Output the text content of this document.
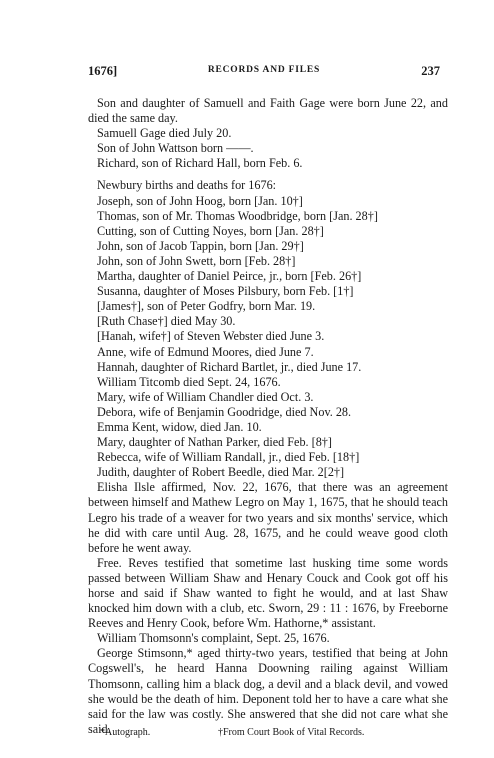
1676]	RECORDS AND FILES	237

Son and daughter of Samuell and Faith Gage were born June 22, and died the same day.

Samuell Gage died July 20.

Son of John Wattson born ——.

Richard, son of Richard Hall, born Feb. 6.

Newbury births and deaths for 1676:

Joseph, son of John Hoog, born [Jan. 10†]

Thomas, son of Mr. Thomas Woodbridge, born [Jan. 28†]

Cutting, son of Cutting Noyes, born [Jan. 28†]

John, son of Jacob Tappin, born [Jan. 29†]

John, son of John Swett, born [Feb. 28†]

Martha, daughter of Daniel Peirce, jr., born [Feb. 26†]

Susanna, daughter of Moses Pilsbury, born Feb. [1†]

[James†], son of Peter Godfry, born Mar. 19.

[Ruth Chase†] died May 30.

[Hanah, wife†] of Steven Webster died June 3.

Anne, wife of Edmund Moores, died June 7.

Hannah, daughter of Richard Bartlet, jr., died June 17.

William Titcomb died Sept. 24, 1676.

Mary, wife of William Chandler died Oct. 3.

Debora, wife of Benjamin Goodridge, died Nov. 28.

Emma Kent, widow, died Jan. 10.

Mary, daughter of Nathan Parker, died Feb. [8†]

Rebecca, wife of William Randall, jr., died Feb. [18†]

Judith, daughter of Robert Beedle, died Mar. 2[2†]

Elisha Ilsle affirmed, Nov. 22, 1676, that there was an agreement between himself and Mathew Legro on May 1, 1675, that he should teach Legro his trade of a weaver for two years and six months' service, which he did with care until Aug. 28, 1675, and he could weave good cloth before he went away.

Free. Reves testified that sometime last husking time some words passed between William Shaw and Henary Couck and Cook got off his horse and said if Shaw wanted to fight he would, and at last Shaw knocked him down with a club, etc. Sworn, 29 : 11 : 1676, by Freeborne Reeves and Henry Cook, before Wm. Hathorne,* assistant.

William Thomsonn's complaint, Sept. 25, 1676.

George Stimsonn,* aged thirty-two years, testified that being at John Cogswell's, he heard Hanna Doowning railing against William Thomsonn, calling him a black dog, a devil and a black devil, and vowed she would be the death of him. Deponent told her to have a care what she said for the law was costly. She answered that she did not care what she said.

*Autograph.	†From Court Book of Vital Records.
